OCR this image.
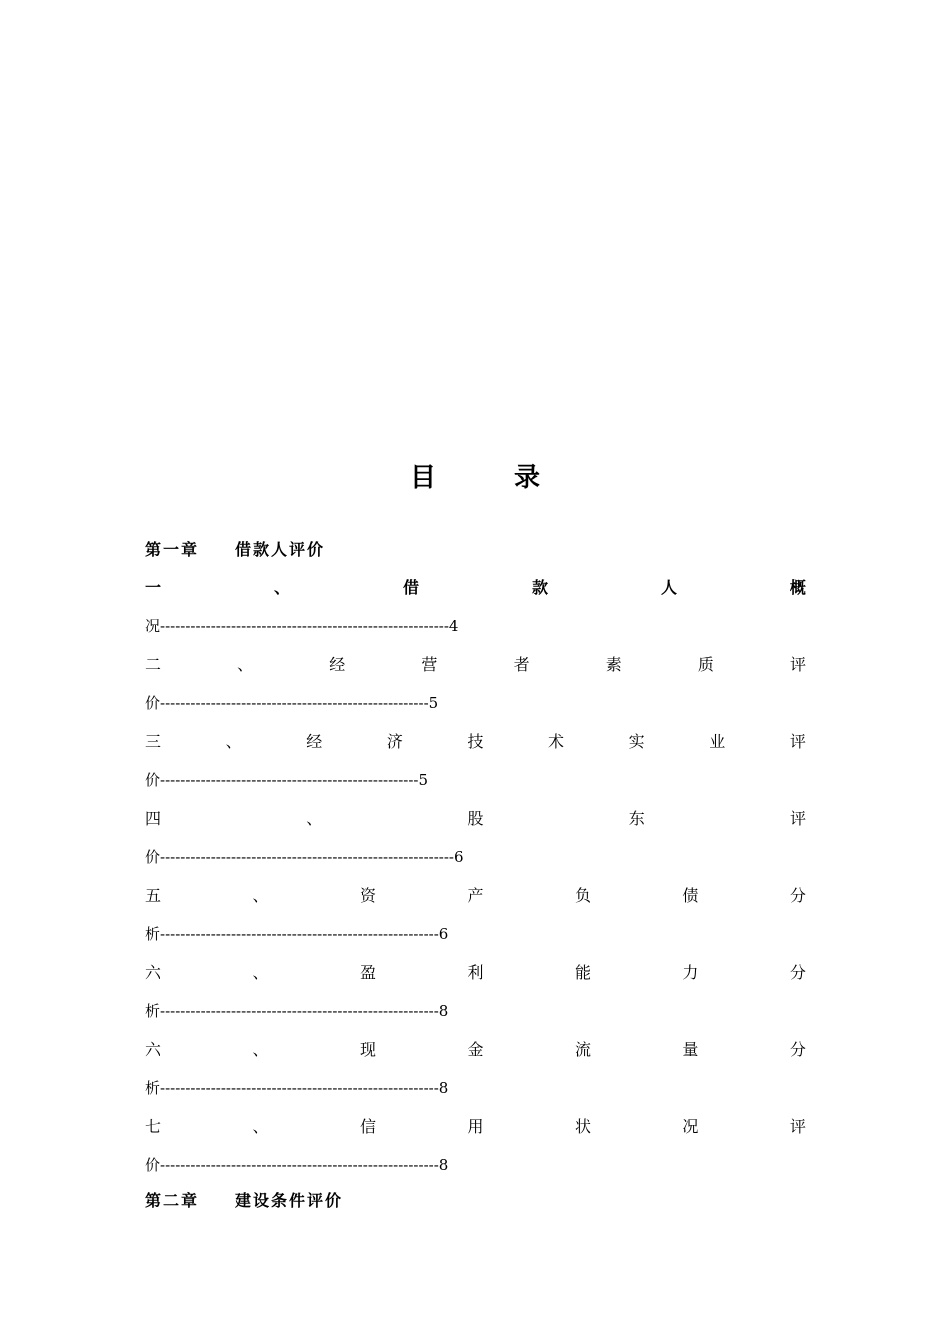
目	录
第一章 借款人评价
一	、	借	款	人	概
况---------------------------------------------------------4
二	、	经	营	者	素	质	评
价-----------------------------------------------------5
三	、	经	济	技	术	实	业	评
价---------------------------------------------------5
四	、	股	东	评
价----------------------------------------------------------6
五	、	资	产	负	债	分
析-------------------------------------------------------6
六	、	盈	利	能	力	分
析-------------------------------------------------------8
六	、	现	金	流	量	分
析-------------------------------------------------------8
七	、	信	用	状	况	评
价-------------------------------------------------------8
第二章 建设条件评价
